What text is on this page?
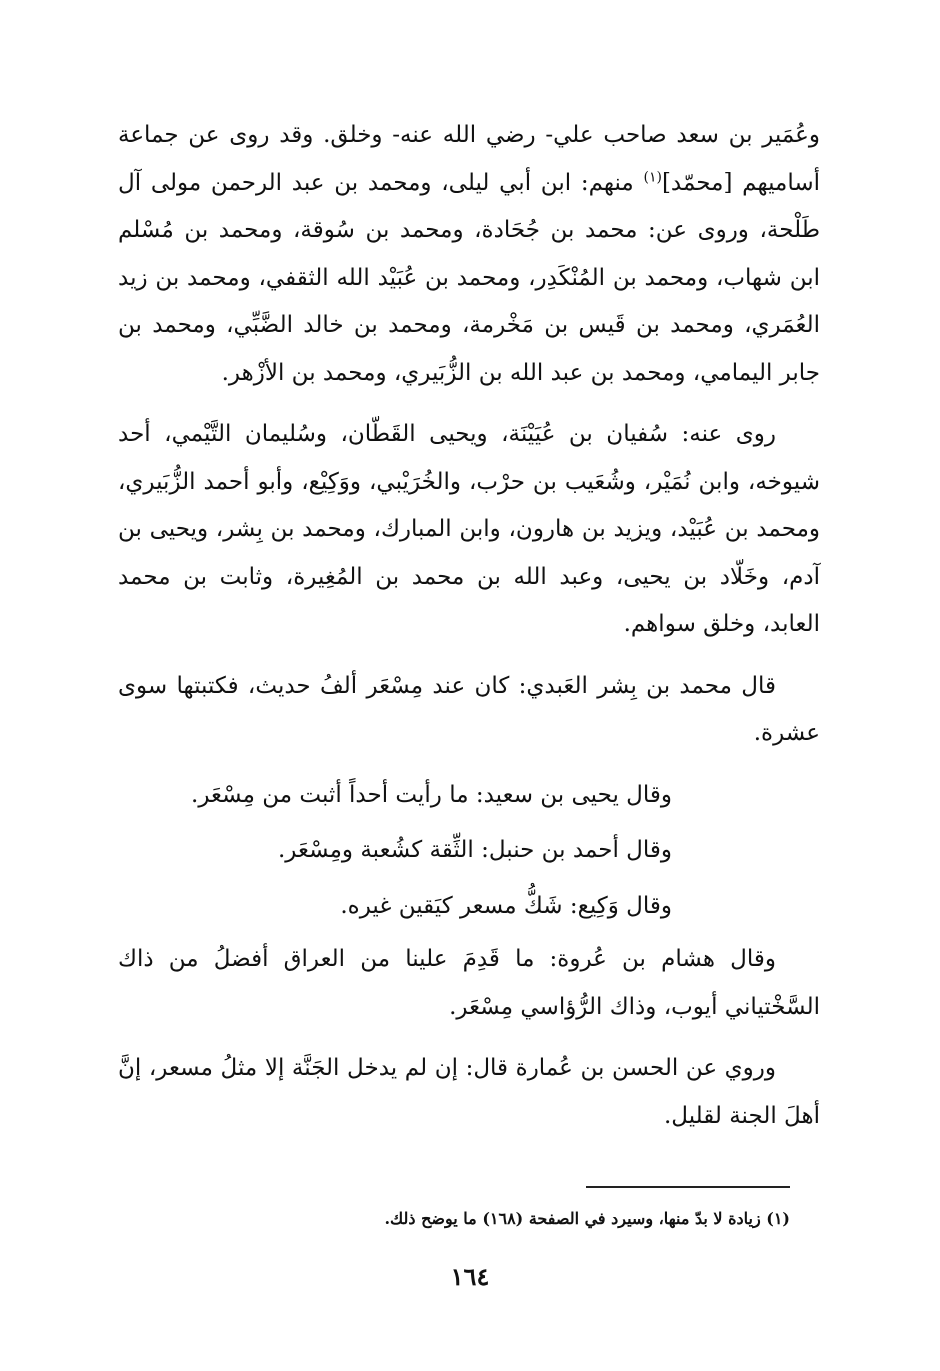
وعُمَير بن سعد صاحب علي- رضي الله عنه- وخلق. وقد روى عن جماعة أساميهم [محمّد]$^{(١)}$ منهم: ابن أبي ليلى، ومحمد بن عبد الرحمن مولى آل طَلْحة، وروى عن: محمد بن جُحَادة، ومحمد بن سُوقة، ومحمد بن مُسْلم ابن شهاب، ومحمد بن المُنْكَدِر، ومحمد بن عُبَيْد الله الثقفي، ومحمد بن زيد العُمَري، ومحمد بن قَيس بن مَخْرمة، ومحمد بن خالد الضَّبِّي، ومحمد بن جابر اليمامي، ومحمد بن عبد الله بن الزُّبَيري، ومحمد بن الأزْهر.

روى عنه: سُفيان بن عُيَيْنَة، ويحيى القَطّان، وسُليمان التَّيْمي، أحد شيوخه، وابن نُمَيْر، وشُعَيب بن حرْب، والخُرَيْبي، ووَكِيْع، وأبو أحمد الزُّبَيري، ومحمد بن عُبَيْد، ويزيد بن هارون، وابن المبارك، ومحمد بن بِشر، ويحيى بن آدم، وخَلّاد بن يحيى، وعبد الله بن محمد بن المُغِيرة، وثابت بن محمد العابد، وخلق سواهم.

قال محمد بن بِشر العَبدي: كان عند مِسْعَر ألفُ حديث، فكتبتها سوى عشرة.

وقال يحيى بن سعيد: ما رأيت أحداً أثبت من مِسْعَر.

وقال أحمد بن حنبل: الثِّقة كشُعبة ومِسْعَر.

وقال وَكِيع: شَكُّ مسعر كيَقين غيره.

وقال هشام بن عُروة: ما قَدِمَ علينا من العراق أفضلُ من ذاك السَّخْتياني أيوب، وذاك الرُّؤاسي مِسْعَر.

وروي عن الحسن بن عُمارة قال: إن لم يدخل الجَنَّة إلا مثلُ مسعر، إنَّ أهلَ الجنة لقليل.

(١) زيادة لا بدّ منها، وسيرد في الصفحة (١٦٨) ما يوضح ذلك.
١٦٤
